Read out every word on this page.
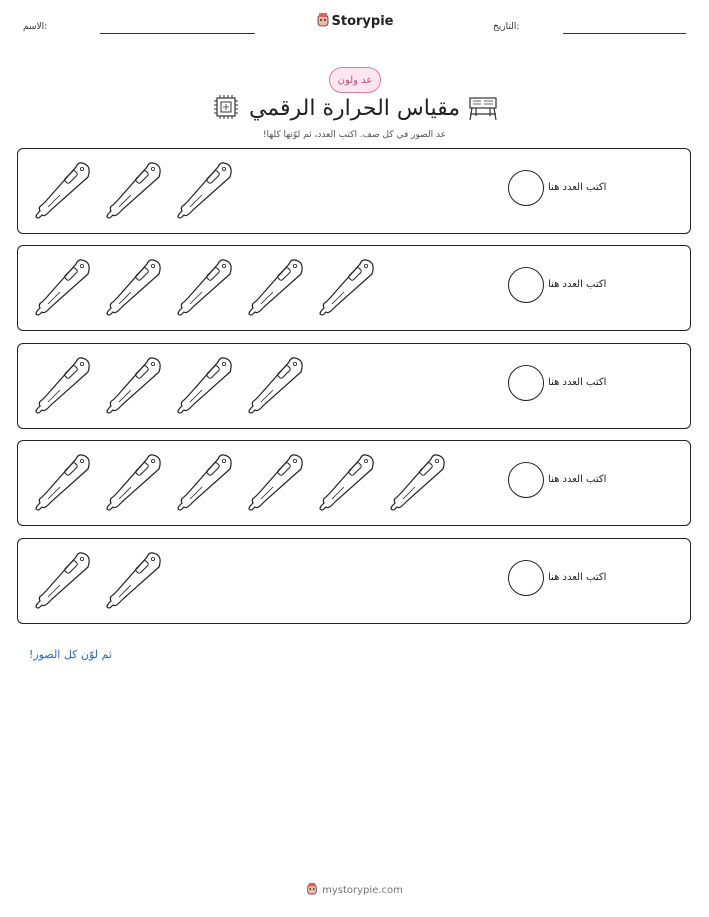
الاسم:	Storypie	التاريخ:
عد ولون
مقياس الحرارة الرقمي
عد الصور في كل صف. اكتب العدد، ثم لوّنها كلها!
اكتب العدد هنا
اكتب العدد هنا
اكتب العدد هنا
اكتب العدد هنا
اكتب العدد هنا
ثم لوّن كل الصور!
mystorypie.com
